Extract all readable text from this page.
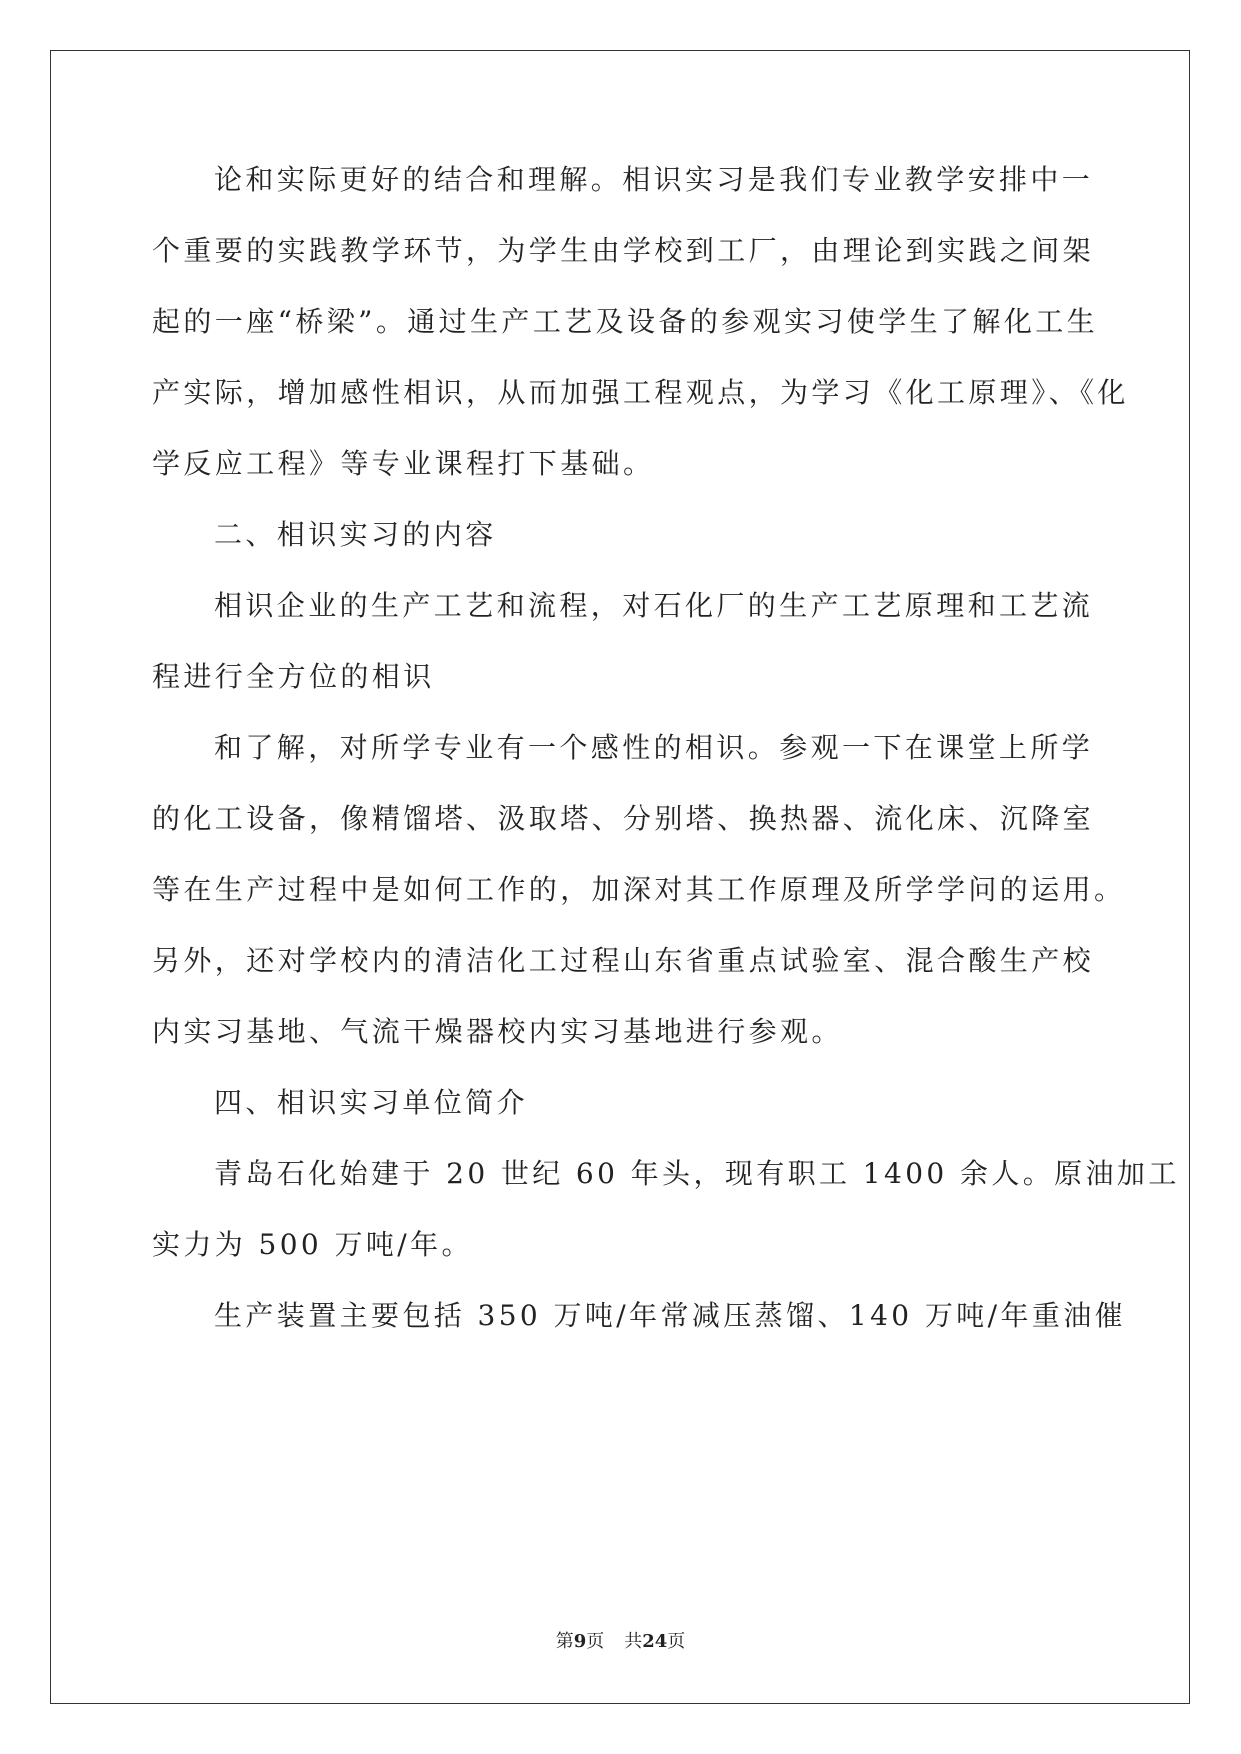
论和实际更好的结合和理解。相识实习是我们专业教学安排中一
个重要的实践教学环节，为学生由学校到工厂，由理论到实践之间架
起的一座“桥梁”。通过生产工艺及设备的参观实习使学生了解化工生
产实际，增加感性相识，从而加强工程观点，为学习《化工原理》、《化
学反应工程》等专业课程打下基础。
二、相识实习的内容
相识企业的生产工艺和流程，对石化厂的生产工艺原理和工艺流
程进行全方位的相识
和了解，对所学专业有一个感性的相识。参观一下在课堂上所学
的化工设备，像精馏塔、汲取塔、分别塔、换热器、流化床、沉降室
等在生产过程中是如何工作的，加深对其工作原理及所学学问的运用。
另外，还对学校内的清洁化工过程山东省重点试验室、混合酸生产校
内实习基地、气流干燥器校内实习基地进行参观。
四、相识实习单位简介
青岛石化始建于 20 世纪 60 年头，现有职工 1400 余人。原油加工
实力为 500 万吨/年。
生产装置主要包括 350 万吨/年常减压蒸馏、140 万吨/年重油催
第9页 共24页
